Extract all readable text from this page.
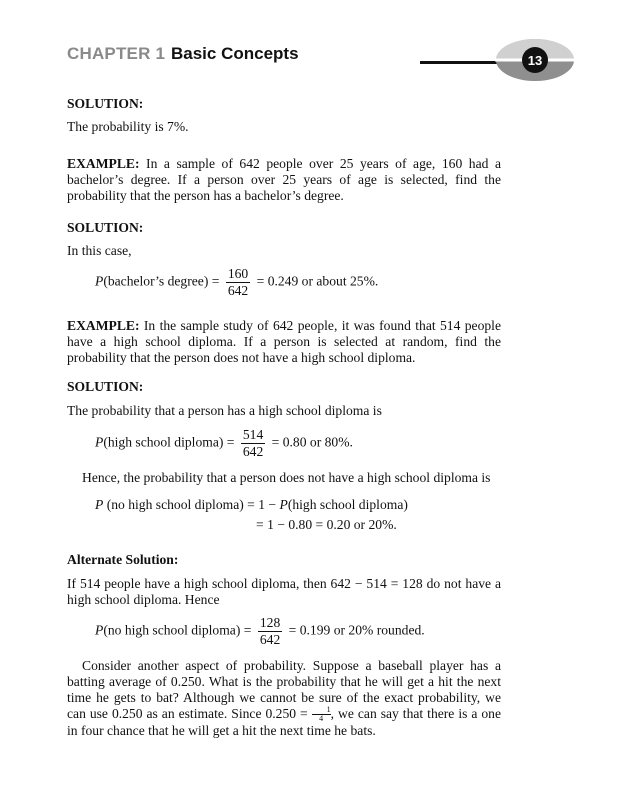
CHAPTER 1 Basic Concepts	13
SOLUTION:
The probability is 7%.
EXAMPLE: In a sample of 642 people over 25 years of age, 160 had a bachelor’s degree. If a person over 25 years of age is selected, find the probability that the person has a bachelor’s degree.
SOLUTION:
In this case,
P(bachelor’s degree) = $\frac{160}{642} = 0.249$ or about 25%.
EXAMPLE: In the sample study of 642 people, it was found that 514 people have a high school diploma. If a person is selected at random, find the probability that the person does not have a high school diploma.
SOLUTION:
The probability that a person has a high school diploma is
P(high school diploma) = $\frac{514}{642} = 0.80$ or 80%.
Hence, the probability that a person does not have a high school diploma is
P (no high school diploma) = 1 − P(high school diploma)
= 1 − 0.80 = 0.20 or 20%.
Alternate Solution:
If 514 people have a high school diploma, then 642 − 514 = 128 do not have a high school diploma. Hence
P(no high school diploma) = $\frac{128}{642} = 0.199$ or 20% rounded.
Consider another aspect of probability. Suppose a baseball player has a batting average of 0.250. What is the probability that he will get a hit the next time he gets to bat? Although we cannot be sure of the exact probability, we can use 0.250 as an estimate. Since $0.250 = \frac{1}{4}$, we can say that there is a one in four chance that he will get a hit the next time he bats.
